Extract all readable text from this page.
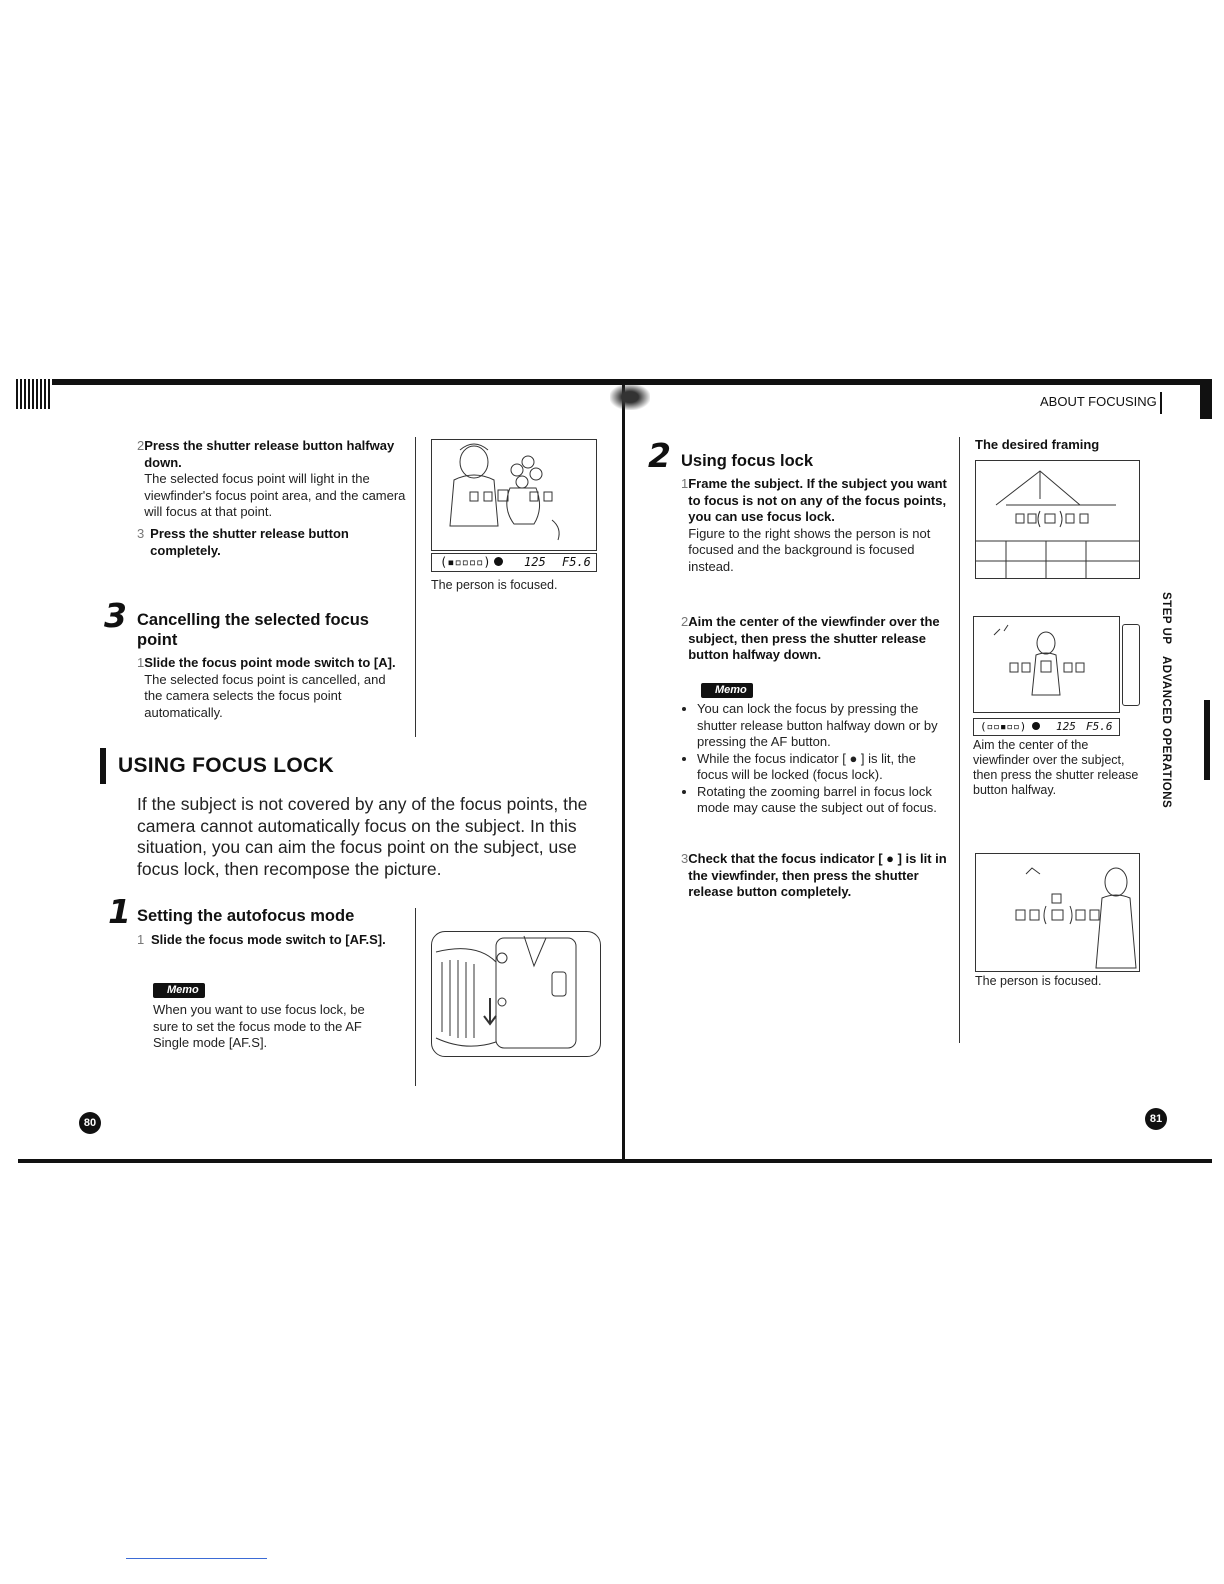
ABOUT FOCUSING
2 Press the shutter release button halfway down.
The selected focus point will light in the viewfinder's focus point area, and the camera will focus at that point.
3 Press the shutter release button completely.
(▪▫▫▫▫)	125 F5.6
The person is focused.
3 Cancelling the selected focus point
1 Slide the focus point mode switch to [A].
The selected focus point is cancelled, and the camera selects the focus point automatically.
USING FOCUS LOCK
If the subject is not covered by any of the focus points, the camera cannot automatically focus on the subject. In this situation, you can aim the focus point on the subject, use focus lock, then recompose the picture.
1 Setting the autofocus mode
1 Slide the focus mode switch to [AF.S].
Memo
When you want to use focus lock, be sure to set the focus mode to the AF Single mode [AF.S].
80
2 Using focus lock
1 Frame the subject. If the subject you want to focus is not on any of the focus points, you can use focus lock.
Figure to the right shows the person is not focused and the background is focused instead.
2 Aim the center of the viewfinder over the subject, then press the shutter release button halfway down.
Memo
• You can lock the focus by pressing the shutter release button halfway down or by pressing the AF button.
• While the focus indicator [ ● ] is lit, the focus will be locked (focus lock).
• Rotating the zooming barrel in focus lock mode may cause the subject out of focus.
3 Check that the focus indicator [ ● ] is lit in the viewfinder, then press the shutter release button completely.
The desired framing
(▫▫▪▫▫)	125 F5.6
Aim the center of the viewfinder over the subject, then press the shutter release button halfway.
The person is focused.
STEP UP
ADVANCED OPERATIONS
81
